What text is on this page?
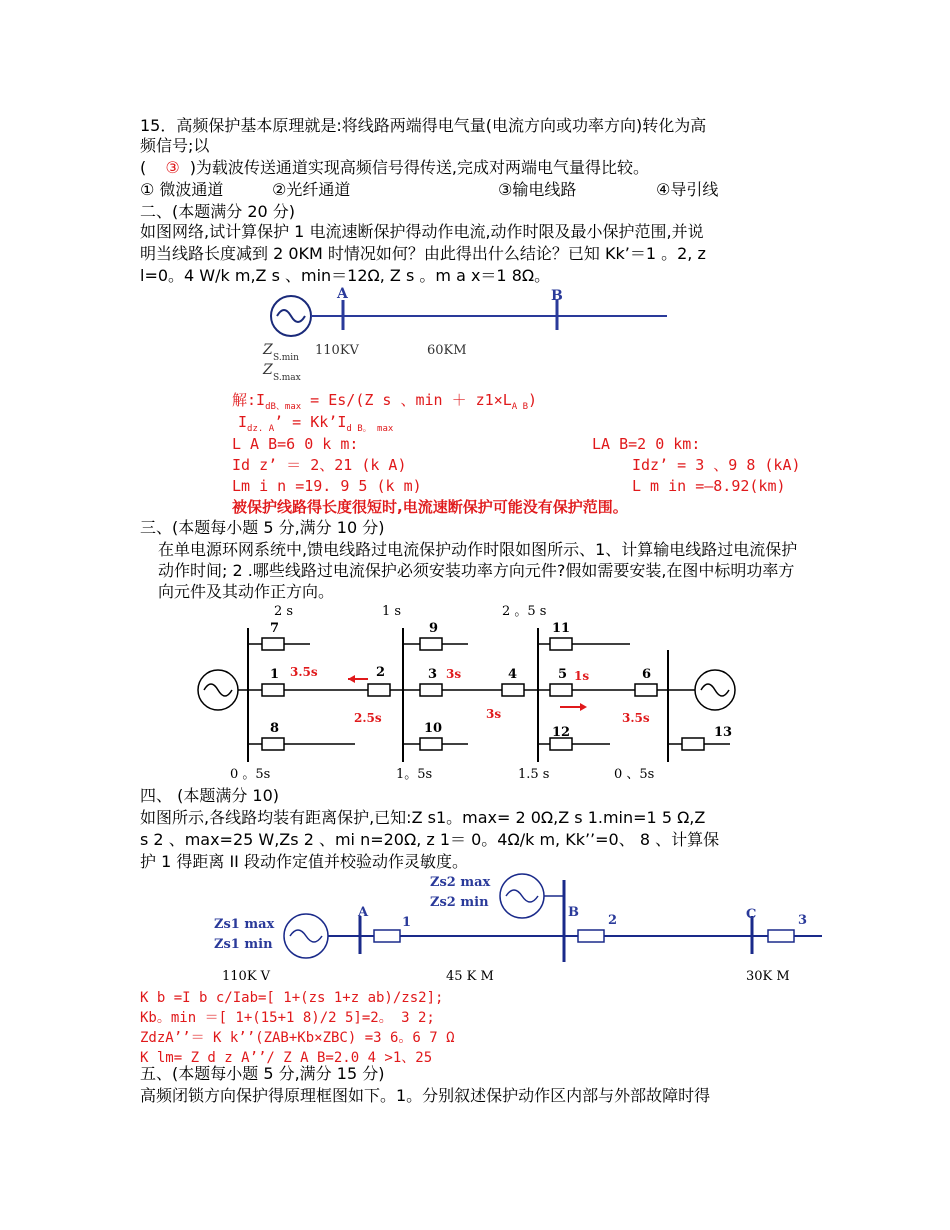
15．高频保护基本原理就是:将线路两端得电气量(电流方向或功率方向)转化为高
频信号;以
( ③ )为载波传送通道实现高频信号得传送,完成对两端电气量得比较。
① 微波通道	②光纤通道	③输电线路	④导引线
二、(本题满分 20 分)
如图网络,试计算保护 1 电流速断保护得动作电流,动作时限及最小保护范围,并说
明当线路长度减到 2 0KM 时情况如何？由此得出什么结论？已知 Kk’＝1 。2, z
l=0。4 W/k m,Z s 、min＝12Ω, Z s 。m a x＝1 8Ω。
A	B
Z S.min
Z S.max
110KV	60KM
解$:I_{dB、max} = Es/(Z$ s 、$\min + z1\times L_{A B}$)
$I_{dz. A}$’ = $Kk’I_{d B。 max}$
L A B=6 0 k m:	LA B=2 0 km:
Id z’ ＝ 2、21 (k A)	Idz’ = 3 、9 8 (kA)
Lm i n =19. 9 5 (k m)	L m in =—8.92(km)
被保护线路得长度很短时,电流速断保护可能没有保护范围。
三、(本题每小题 5 分,满分 10 分)
在单电源环网系统中,馈电线路过电流保护动作时限如图所示、1、计算输电线路过电流保护
动作时间; 2 .哪些线路过电流保护必须安装功率方向元件?假如需要安装,在图中标明功率方
向元件及其动作正方向。
2 s	1 s	2 。5 s
7	9	11
1	2	3	4	5	6
8	10	12	13
0 。5s	1。5s	1.5 s	0 、5s
3.5s	3s	1s
2.5s	3s	3.5s
四、 (本题满分 10)
如图所示,各线路均装有距离保护,已知:Z s1。max= 2 0Ω,Z s 1.min=1 5 Ω,Z
s 2 、max=25 W,Zs 2 、mi n=20Ω, z 1＝ 0。4Ω/k m, Kk’’=0、 8 、计算保
护 1 得距离 II 段动作定值并校验动作灵敏度。
Zs2 max
Zs2 min
Zs1 max
Zs1 min
A	B	C
1	2	3
110K V	45 K M	30K M
K b =I b c/Iab=[ 1+(zs 1+z ab)/zs2];
Kb。min ＝[ 1+(15+1 8)/2 5]=2。 3 2;
ZdzA’’＝ K k’’(ZAB+Kb×ZBC) =3 6。6 7 Ω
K lm= Z d z A’’/ Z A B=2.0 4 >1、25
五、(本题每小题 5 分,满分 15 分)
高频闭锁方向保护得原理框图如下。1。分别叙述保护动作区内部与外部故障时得
